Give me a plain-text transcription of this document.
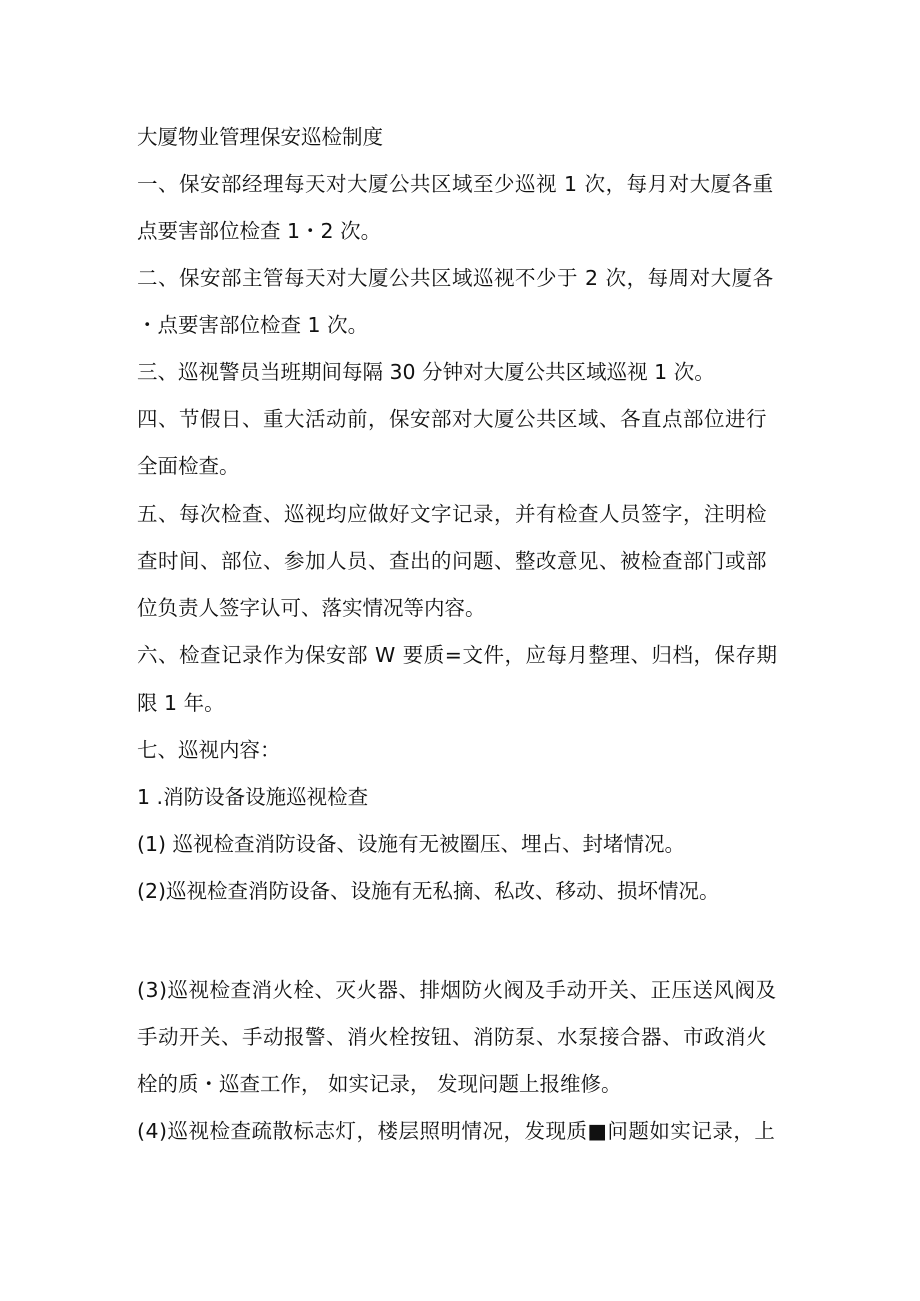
大厦物业管理保安巡检制度
一、保安部经理每天对大厦公共区域至少巡视 1 次，每月对大厦各重
点要害部位检查 1・2 次。
二、保安部主管每天对大厦公共区域巡视不少于 2 次，每周对大厦各
・点要害部位检查 1 次。
三、巡视警员当班期间每隔 30 分钟对大厦公共区域巡视 1 次。
四、节假日、重大活动前，保安部对大厦公共区域、各直点部位进行
全面检查。
五、每次检查、巡视均应做好文字记录，并有检查人员签字，注明检
查时间、部位、参加人员、查出的问题、整改意见、被检查部门或部
位负责人签字认可、落实情况等内容。
六、检查记录作为保安部 W 要质=文件，应每月整理、归档，保存期
限 1 年。
七、巡视内容：
1 .消防设备设施巡视检查
(1) 巡视检查消防设备、设施有无被圈压、埋占、封堵情况。
(2)巡视检查消防设备、设施有无私摘、私改、移动、损坏情况。
(3)巡视检查消火栓、灭火器、排烟防火阀及手动开关、正压送风阀及
手动开关、手动报警、消火栓按钮、消防泵、水泵接合器、市政消火
栓的质・巡查工作， 如实记录， 发现问题上报维修。
(4)巡视检查疏散标志灯，楼层照明情况，发现质■问题如实记录，上
